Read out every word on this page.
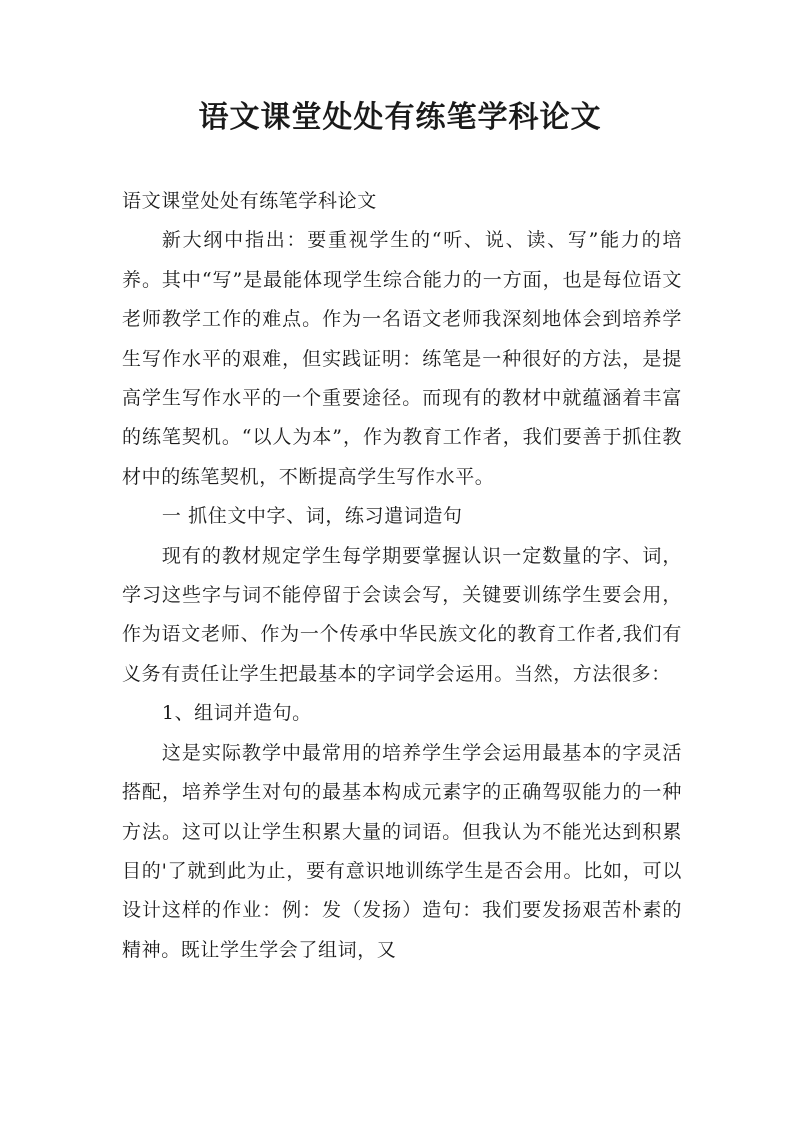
语文课堂处处有练笔学科论文

语文课堂处处有练笔学科论文

新大纲中指出：要重视学生的“听、说、读、写”能力的培养。其中“写”是最能体现学生综合能力的一方面，也是每位语文老师教学工作的难点。作为一名语文老师我深刻地体会到培养学生写作水平的艰难，但实践证明：练笔是一种很好的方法，是提高学生写作水平的一个重要途径。而现有的教材中就蕴涵着丰富的练笔契机。“以人为本”，作为教育工作者，我们要善于抓住教材中的练笔契机，不断提高学生写作水平。

一 抓住文中字、词，练习遣词造句

现有的教材规定学生每学期要掌握认识一定数量的字、词，学习这些字与词不能停留于会读会写，关键要训练学生要会用，作为语文老师、作为一个传承中华民族文化的教育工作者,我们有义务有责任让学生把最基本的字词学会运用。当然，方法很多：

1、组词并造句。

这是实际教学中最常用的培养学生学会运用最基本的字灵活搭配，培养学生对句的最基本构成元素字的正确驾驭能力的一种方法。这可以让学生积累大量的词语。但我认为不能光达到积累目的'了就到此为止，要有意识地训练学生是否会用。比如，可以设计这样的作业：例：发（发扬）造句：我们要发扬艰苦朴素的精神。既让学生学会了组词，又
